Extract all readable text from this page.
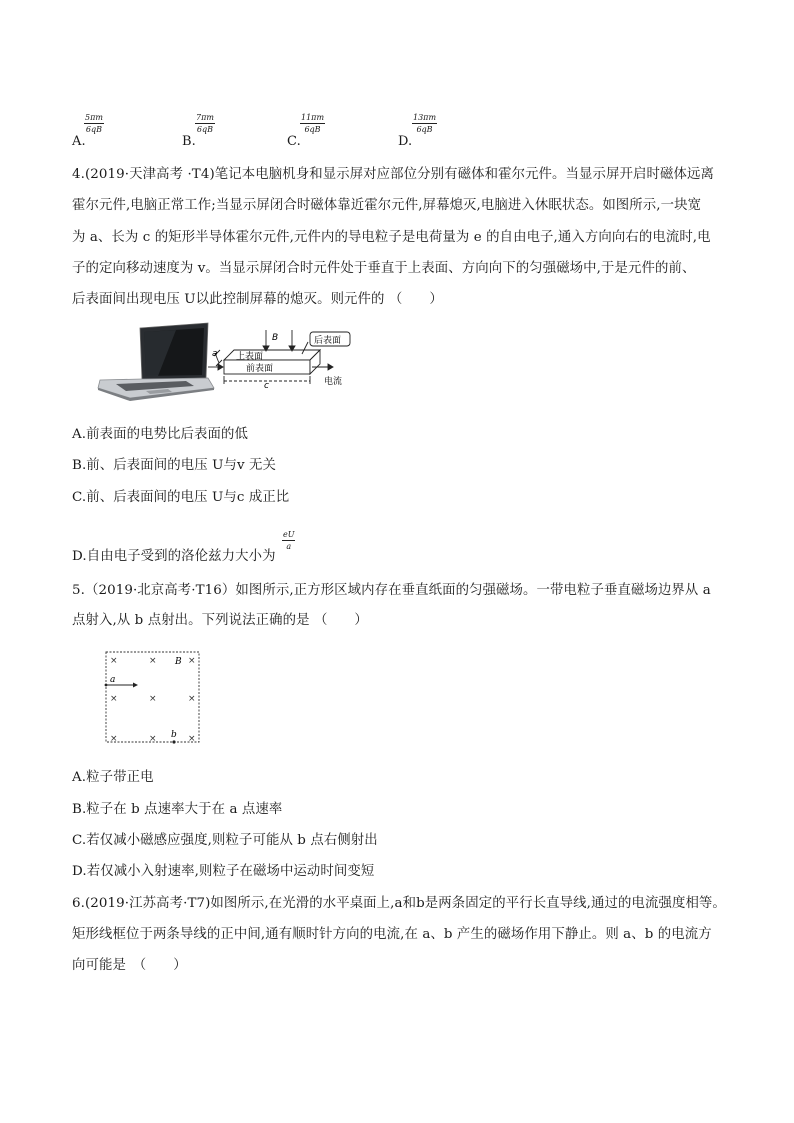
A.
$\frac{5\pi m}{6qB}$
B.
$\frac{7\pi m}{6qB}$
C.
$\frac{11\pi m}{6qB}$
D.
$\frac{13\pi m}{6qB}$
4.(2019·天津高考 ·T4)笔记本电脑机身和显示屏对应部位分别有磁体和霍尔元件。当显示屏开启时磁体远离
霍尔元件,电脑正常工作;当显示屏闭合时磁体靠近霍尔元件,屏幕熄灭,电脑进入休眠状态。如图所示,一块宽
为 a、长为 c 的矩形半导体霍尔元件,元件内的导电粒子是电荷量为 e 的自由电子,通入方向向右的电流时,电
子的定向移动速度为 v。当显示屏闭合时元件处于垂直于上表面、方向向下的匀强磁场中,于是元件的前、
后表面间出现电压 U以此控制屏幕的熄灭。则元件的 （　　）
B	后表面
上表面
前表面
a
c	电流
A.前表面的电势比后表面的低
B.前、后表面间的电压 U与v 无关
C.前、后表面间的电压 U与c 成正比
D.自由电子受到的洛伦兹力大小为
$\frac{eU}{a}$
5.（2019·北京高考·T16）如图所示,正方形区域内存在垂直纸面的匀强磁场。一带电粒子垂直磁场边界从 a
点射入,从 b 点射出。下列说法正确的是 （　　）
×	×	×
×	×	×
×	×	×
B
a
b
A.粒子带正电
B.粒子在 b 点速率大于在 a 点速率
C.若仅减小磁感应强度,则粒子可能从 b 点右侧射出
D.若仅减小入射速率,则粒子在磁场中运动时间变短
6.(2019·江苏高考·T7)如图所示,在光滑的水平桌面上,a和b是两条固定的平行长直导线,通过的电流强度相等。
矩形线框位于两条导线的正中间,通有顺时针方向的电流,在 a、b 产生的磁场作用下静止。则 a、b 的电流方
向可能是　（　　）
